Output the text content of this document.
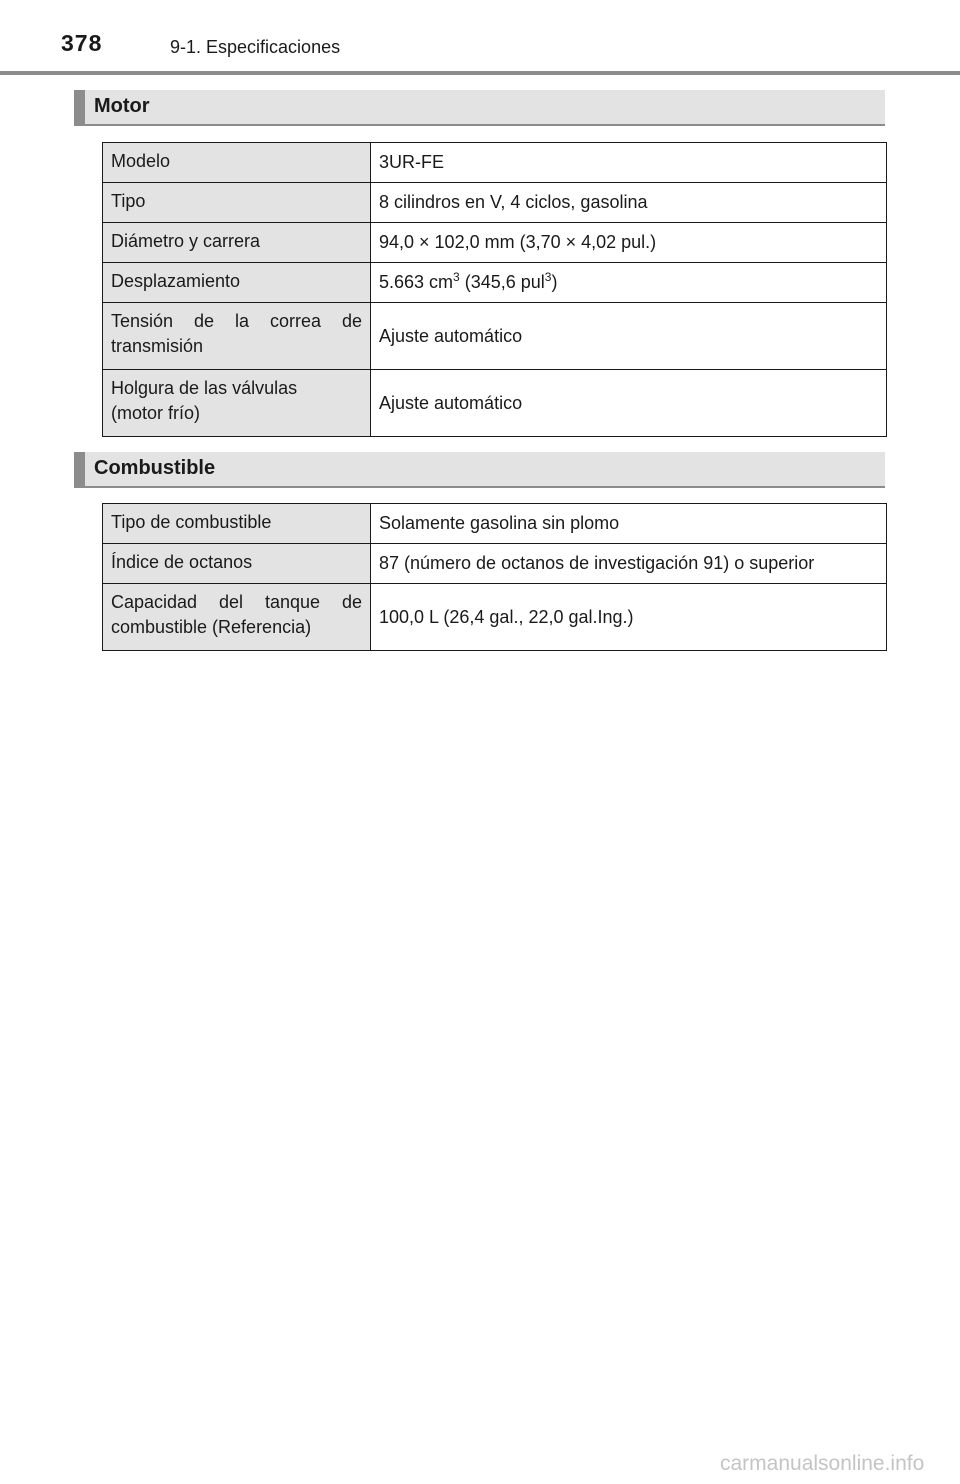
378	9-1. Especificaciones
Motor
Modelo	3UR-FE
Tipo	8 cilindros en V, 4 ciclos, gasolina
Diámetro y carrera	94,0 × 102,0 mm (3,70 × 4,02 pul.)
Desplazamiento	5.663 $cm^3$ (345,6 pul$^3$)
Tensión de la correa de transmisión	Ajuste automático
Holgura de las válvulas
(motor frío)	Ajuste automático
Combustible
Tipo de combustible	Solamente gasolina sin plomo
Índice de octanos	87 (número de octanos de investigación 91) o superior
Capacidad del tanque de combustible (Referencia)	100,0 L (26,4 gal., 22,0 gal.Ing.)
carmanualsonline.info
